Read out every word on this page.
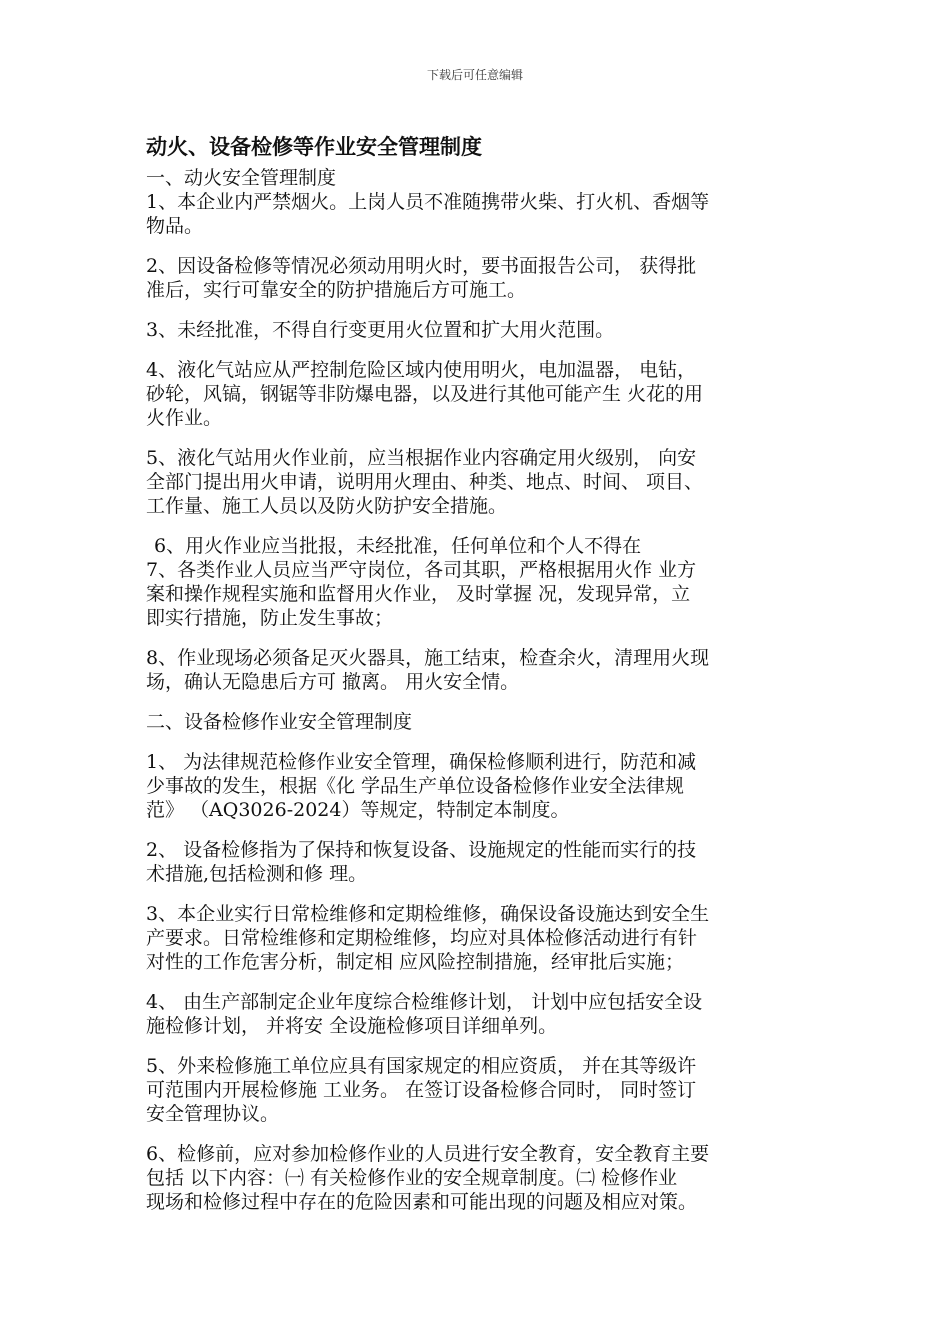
下载后可任意编辑
动火、设备检修等作业安全管理制度
一、动火安全管理制度
1、本企业内严禁烟火。上岗人员不准随携带火柴、打火机、香烟等
物品。
2、因设备检修等情况必须动用明火时，要书面报告公司， 获得批
准后，实行可靠安全的防护措施后方可施工。
3、未经批准，不得自行变更用火位置和扩大用火范围。
4、液化气站应从严控制危险区域内使用明火，电加温器， 电钻，
砂轮，风镐，钢锯等非防爆电器，以及进行其他可能产生 火花的用
火作业。
5、液化气站用火作业前，应当根据作业内容确定用火级别， 向安
全部门提出用火申请，说明用火理由、种类、地点、时间、 项目、
工作量、施工人员以及防火防护安全措施。
6、用火作业应当批报，未经批准，任何单位和个人不得在
7、各类作业人员应当严守岗位，各司其职，严格根据用火作 业方
案和操作规程实施和监督用火作业， 及时掌握 况，发现异常，立
即实行措施，防止发生事故；
8、作业现场必须备足灭火器具，施工结束，检查余火，清理用火现
场，确认无隐患后方可 撤离。 用火安全情。
二、设备检修作业安全管理制度
1、 为法律规范检修作业安全管理，确保检修顺利进行，防范和减
少事故的发生，根据《化 学品生产单位设备检修作业安全法律规
范》 （AQ3026-2024）等规定，特制定本制度。
2、 设备检修指为了保持和恢复设备、设施规定的性能而实行的技
术措施,包括检测和修 理。
3、本企业实行日常检维修和定期检维修，确保设备设施达到安全生
产要求。日常检维修和定期检维修，均应对具体检修活动进行有针
对性的工作危害分析，制定相 应风险控制措施，经审批后实施；
4、 由生产部制定企业年度综合检维修计划， 计划中应包括安全设
施检修计划， 并将安 全设施检修项目详细单列。
5、外来检修施工单位应具有国家规定的相应资质， 并在其等级许
可范围内开展检修施 工业务。 在签订设备检修合同时， 同时签订
安全管理协议。
6、检修前，应对参加检修作业的人员进行安全教育，安全教育主要
包括 以下内容：㈠ 有关检修作业的安全规章制度。㈡ 检修作业
现场和检修过程中存在的危险因素和可能出现的问题及相应对策。
